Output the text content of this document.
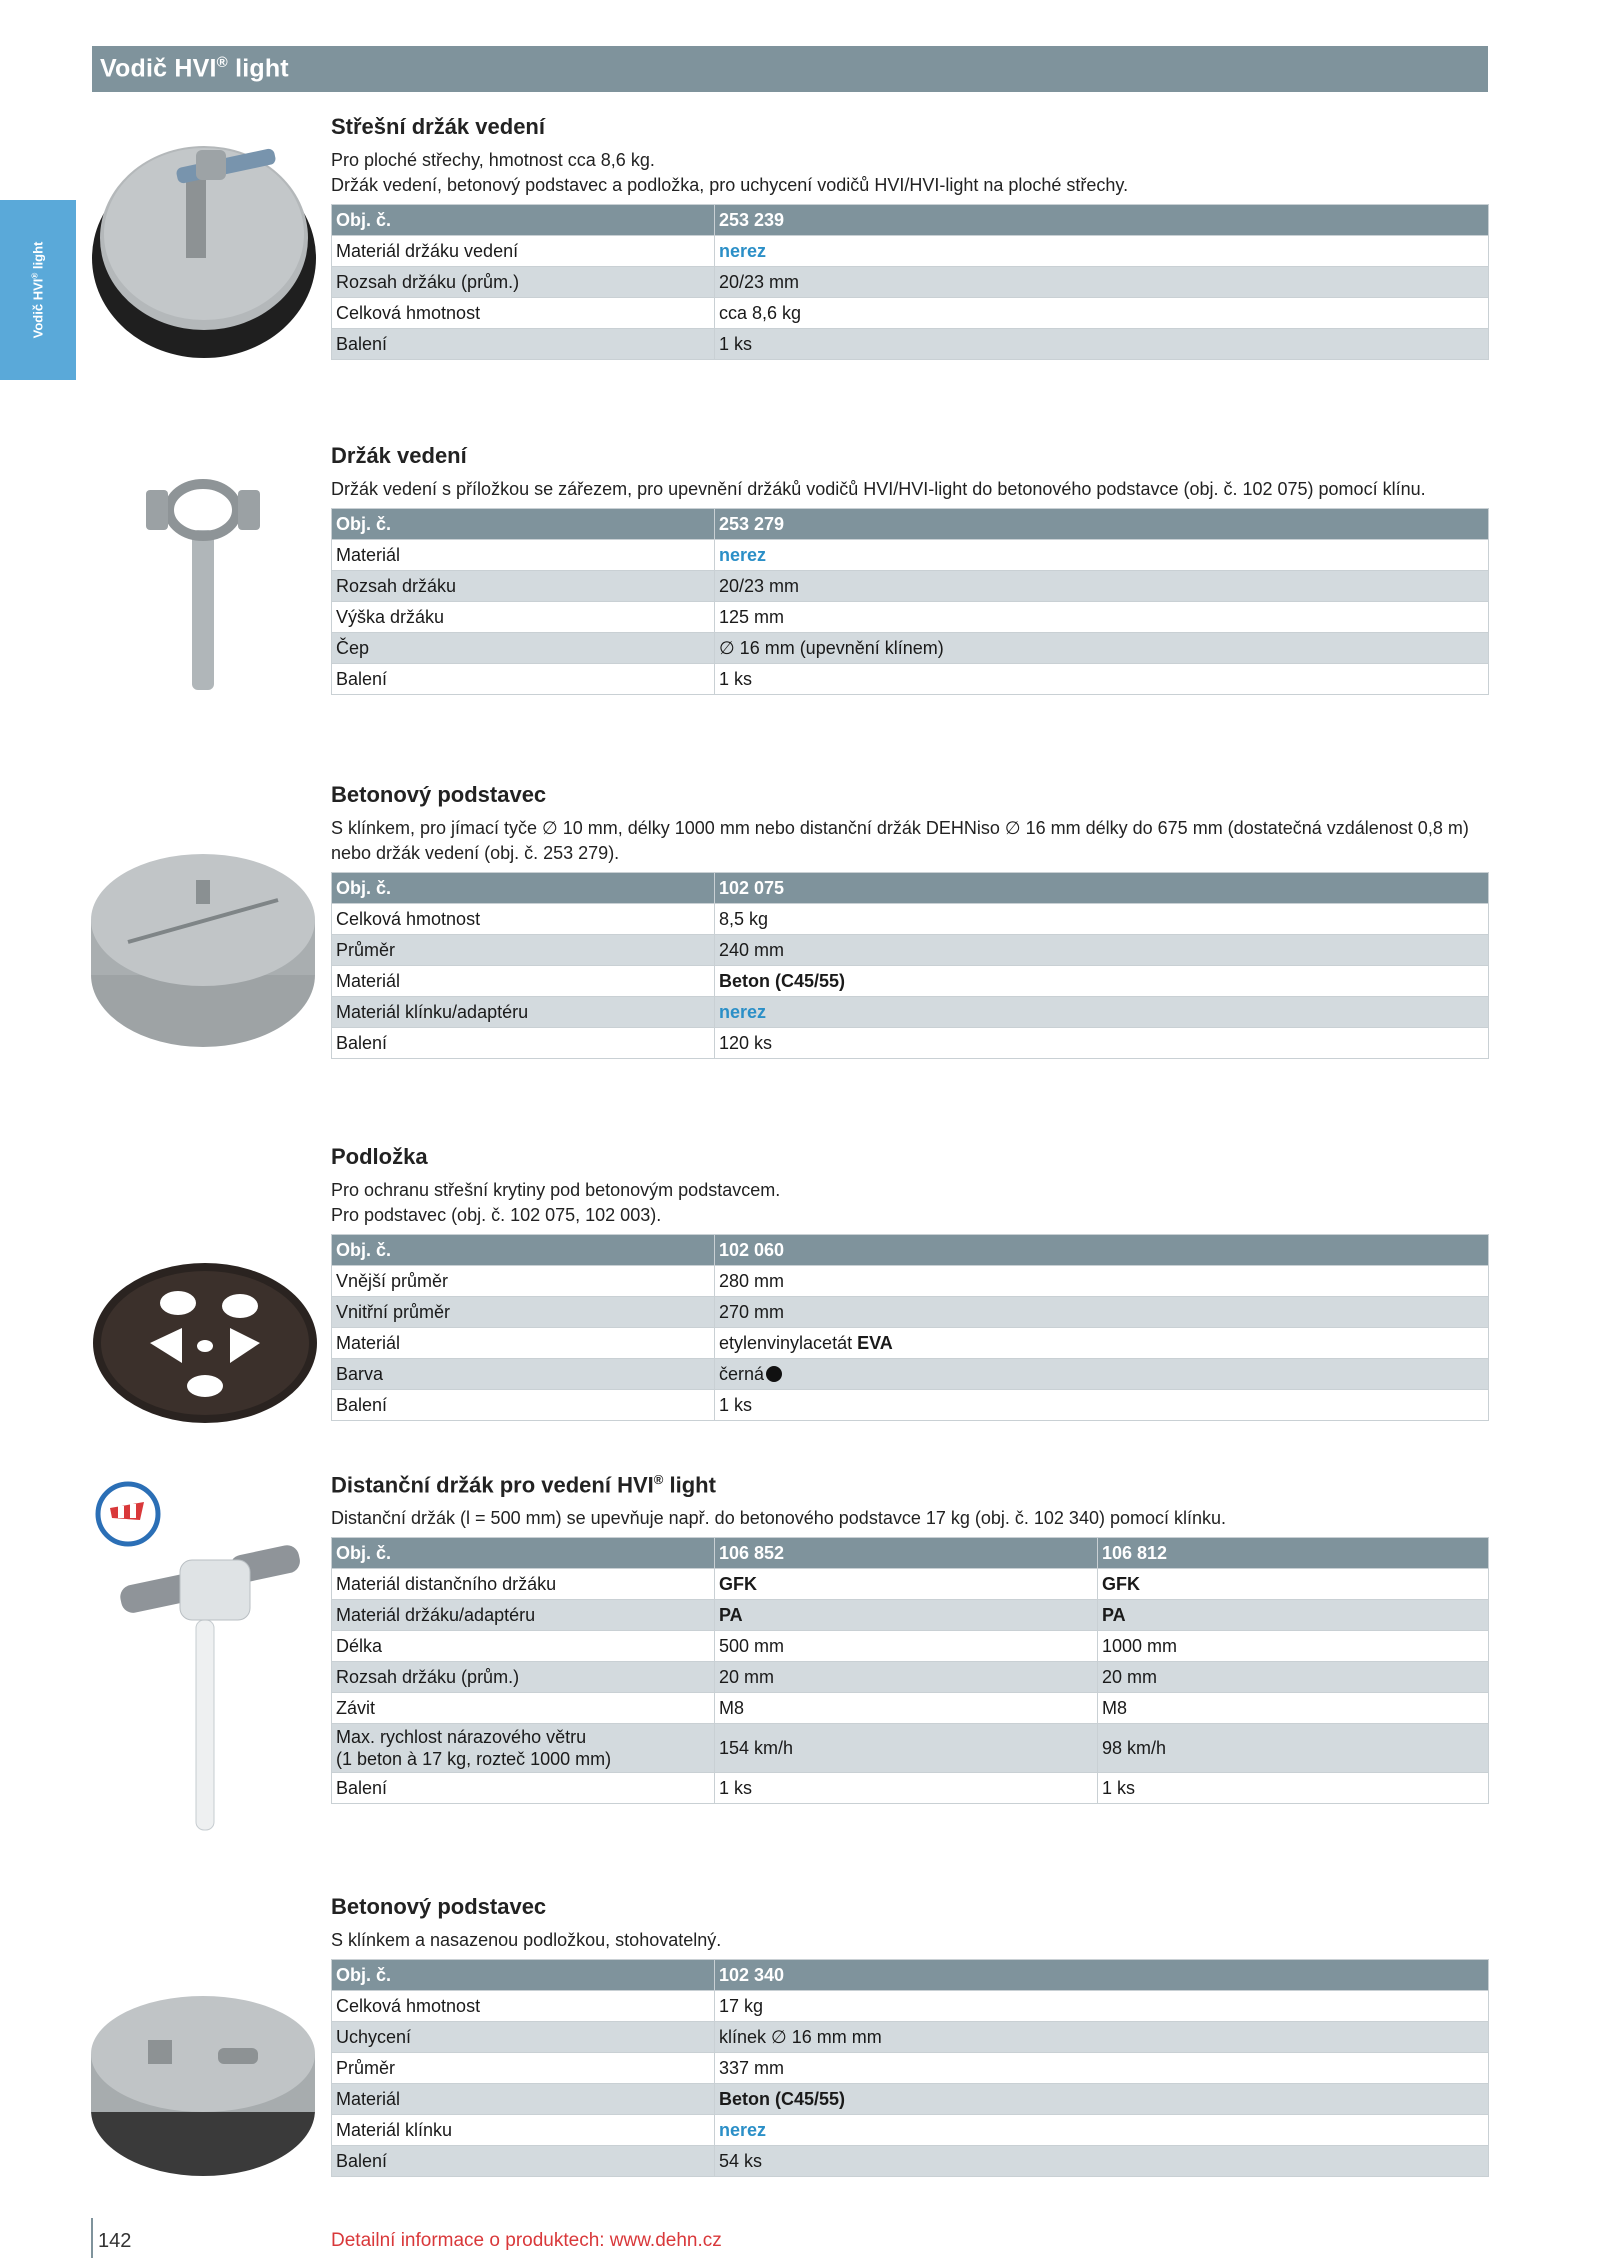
Vodič HVI® light
Vodič HVI® light
Střešní držák vedení
Pro ploché střechy, hmotnost cca 8,6 kg.
Držák vedení, betonový podstavec a podložka, pro uchycení vodičů HVI/HVI-light na ploché střechy.
Obj. č.	253 239
Materiál držáku vedení	nerez
Rozsah držáku (prům.)	20/23 mm
Celková hmotnost	cca 8,6 kg
Balení	1 ks
Držák vedení
Držák vedení s příložkou se zářezem, pro upevnění držáků vodičů HVI/HVI-light do betonového podstavce (obj. č. 102 075) pomocí klínu.
Obj. č.	253 279
Materiál	nerez
Rozsah držáku	20/23 mm
Výška držáku	125 mm
Čep	∅ 16 mm (upevnění klínem)
Balení	1 ks
Betonový podstavec
S klínkem, pro jímací tyče ∅ 10 mm, délky 1000 mm nebo distanční držák DEHNiso ∅ 16 mm délky do 675 mm (dostatečná vzdálenost 0,8 m) nebo držák vedení (obj. č. 253 279).
Obj. č.	102 075
Celková hmotnost	8,5 kg
Průměr	240 mm
Materiál	Beton (C45/55)
Materiál klínku/adaptéru	nerez
Balení	120 ks
Podložka
Pro ochranu střešní krytiny pod betonovým podstavcem.
Pro podstavec (obj. č. 102 075, 102 003).
Obj. č.	102 060
Vnější průměr	280 mm
Vnitřní průměr	270 mm
Materiál	etylenvinylacetát EVA
Barva	černá
Balení	1 ks
Distanční držák pro vedení HVI® light
Distanční držák (l = 500 mm) se upevňuje např. do betonového podstavce 17 kg (obj. č. 102 340) pomocí klínku.
Obj. č.	106 852	106 812
Materiál distančního držáku	GFK	GFK
Materiál držáku/adaptéru	PA	PA
Délka	500 mm	1000 mm
Rozsah držáku (prům.)	20 mm	20 mm
Závit	M8	M8

Max. rychlost nárazového větru
(1 beton à 17 kg, rozteč 1000 mm)	154 km/h	98 km/h
Balení	1 ks	1 ks
Betonový podstavec
S klínkem a nasazenou podložkou, stohovatelný.
Obj. č.	102 340
Celková hmotnost	17 kg
Uchycení	klínek ∅ 16 mm mm
Průměr	337 mm
Materiál	Beton (C45/55)
Materiál klínku	nerez
Balení	54 ks
142	Detailní informace o produktech: www.dehn.cz
